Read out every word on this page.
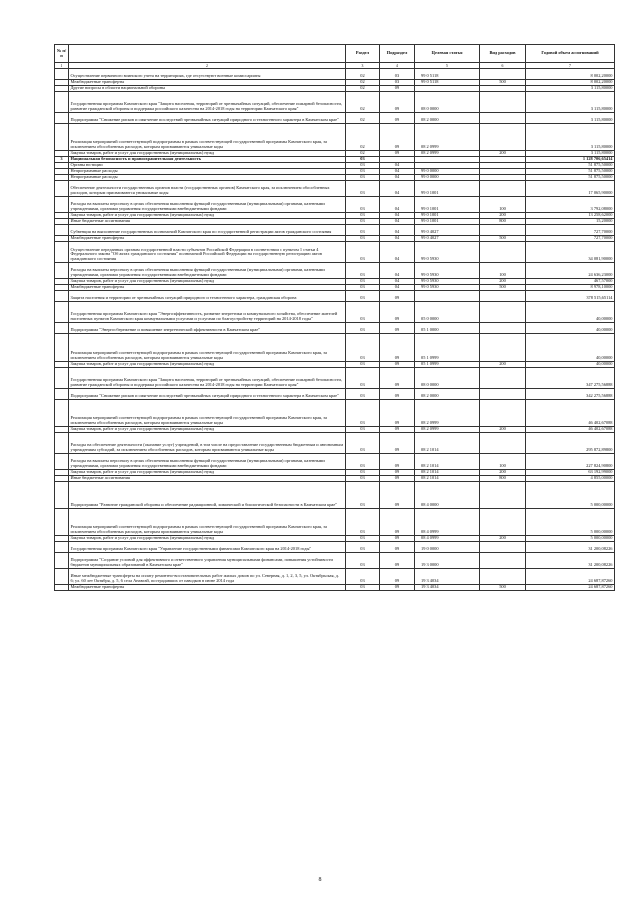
№ п/п		Раздел	Подраздел	Целевая статья	Вид расходов	Годовой объем ассигнований
1	2	3	4	5	6	7
	Осуществление первичного воинского учета на территориях, где отсутствуют военные комиссариаты	02	03	99 0 5118		8 002,20000
	Межбюджетные трансферты	02	03	99 0 5118	500	8 002,20000
	Другие вопросы в области национальной обороны	02	09			3 115,80000
	Государственная программа Камчатского края "Защита населения, территорий от чрезвычайных ситуаций, обеспечение пожарной безопасности, развитие гражданской обороны и поддержка российского казачества на 2014-2018 годы на территории Камчатского края"	02	09	08 0 0000		3 115,80000
	Подпрограмма "Снижение рисков и смягчение последствий чрезвычайных ситуаций природного и техногенного характера в Камчатском крае"	02	09	08 2 0000		3 115,80000
	Реализация мероприятий соответствующей подпрограммы в рамках соответствующей государственной программы Камчатского края, за исключением обособленных расходов, которым присваиваются уникальные коды	02	09	08 2 0999		3 115,80000
	Закупка товаров, работ и услуг для государственных (муниципальных) нужд	02	09	08 2 0999	200	3 115,80000
3	Национальная безопасность и правоохранительная деятельность	03				1 128 706,65414
	Органы юстиции	03	04			51 875,50000
	Непрограммные расходы	03	04	99 0 0000		51 875,50000
	Непрограммные расходы	03	04	99 0 0000		51 875,50000
	Обеспечение деятельности государственных органов власти (государственных органов) Камчатского края, за исключением обособленных расходов, которым присваиваются уникальные коды	03	04	99 0 1001		17 065,90000
	Расходы на выплаты персоналу в целях обеспечения выполнения функций государственными (муниципальными) органами, казенными учреждениями, органами управления государственными внебюджетными фондами	03	04	99 0 1001	100	3 792,08000
	Закупка товаров, работ и услуг для государственных (муниципальных) нужд	03	04	99 0 1001	200	13 258,62000
	Иные бюджетные ассигнования	03	04	99 0 1001	800	15,20000
	Субвенция на выполнение государственных полномочий Камчатского края по государственной регистрации актов гражданского состояния	03	04	99 0 4027		727,70000
	Межбюджетные трансферты	03	04	99 0 4027	500	727,70000
	Осуществление переданных органам государственной власти субъектов Российской Федерации в соответствии с пунктом 1 статьи 4 Федерального закона "Об актах гражданского состояния" полномочий Российской Федерации на государственную регистрацию актов гражданского состояния	03	04	99 0 5930		34 081,90000
	Расходы на выплаты персоналу в целях обеспечения выполнения функций государственными (муниципальными) органами, казенными учреждениями, органами управления государственными внебюджетными фондами	03	04	99 0 5930	100	24 636,23000
	Закупка товаров, работ и услуг для государственных (муниципальных) нужд	03	04	99 0 5930	200	467,57000
	Межбюджетные трансферты	03	04	99 0 5930	500	8 978,10000
	Защита населения и территории от чрезвычайных ситуаций природного и техногенного характера, гражданская оборона	03	09			378 515,65114
	Государственная программа Камчатского края "Энергоэффективность, развитие энергетики и коммунального хозяйства, обеспечение жителей населенных пунктов Камчатского края коммунальными услугами и услугами по благоустройству территорий на 2014-2018 годы"	03	09	05 0 0000		40,00000
	Подпрограмма "Энергосбережение и повышение энергетической эффективности в Камчатском крае"	03	09	05 1 0000		40,00000
	Реализация мероприятий соответствующей подпрограммы в рамках соответствующей государственной программы Камчатского края, за исключением обособленных расходов, которым присваиваются уникальные коды	03	09	05 1 0999		40,00000
	Закупка товаров, работ и услуг для государственных (муниципальных) нужд	03	09	05 1 0999	200	40,00000
	Государственная программа Камчатского края "Защита населения, территорий от чрезвычайных ситуаций, обеспечение пожарной безопасности, развитие гражданской обороны и поддержка российского казачества на 2014-2018 годы на территории Камчатского края"	03	09	08 0 0000		347 275,56888
	Подпрограмма "Снижение рисков и смягчение последствий чрезвычайных ситуаций природного и техногенного характера в Камчатском крае"	03	09	08 2 0000		342 275,56888
	Реализация мероприятий соответствующей подпрограммы в рамках соответствующей государственной программы Камчатского края, за исключением обособленных расходов, которым присваиваются уникальные коды	03	09	08 2 0999		46 402,67088
	Закупка товаров, работ и услуг для государственных (муниципальных) нужд	03	09	08 2 0999	200	46 402,67088
	Расходы на обеспечение деятельности (оказание услуг) учреждений, в том числе на предоставление государственным бюджетным и автономным учреждениям субсидий, за исключением обособленных расходов, которым присваиваются уникальные коды	03	09	08 2 1014		295 872,89800
	Расходы на выплаты персоналу в целях обеспечения выполнения функций государственными (муниципальными) органами, казенными учреждениями, органами управления государственными внебюджетными фондами	03	09	08 2 1014	100	227 824,90800
	Закупка товаров, работ и услуг для государственных (муниципальных) нужд	03	09	08 2 1014	200	63 192,99000
	Иные бюджетные ассигнования	03	09	08 2 1014	800	4 855,00000
	Подпрограмма "Развитие гражданской обороны и обеспечение радиационной, химической и биологической безопасности в Камчатском крае"	03	09	08 4 0000		5 000,00000
	Реализация мероприятий соответствующей подпрограммы в рамках соответствующей государственной программы Камчатского края, за исключением обособленных расходов, которым присваиваются уникальные коды	03	09	08 4 0999		5 000,00000
	Закупка товаров, работ и услуг для государственных (муниципальных) нужд	03	09	08 4 0999	200	5 000,00000
	Государственная программа Камчатского края "Управление государственными финансами Камчатского края на 2014-2018 годы"	03	09	19 0 0000		31 200,08226
	Подпрограмма "Создание условий для эффективного и ответственного управления муниципальными финансами, повышения устойчивости бюджетов муниципальных образований в Камчатском крае"	03	09	19 3 0000		31 200,08226
	Иные межбюджетные трансферты на оплату ремонтно-восстановительных работ жилых домов по ул. Северная, д. 1, 2, 3, 5, ул. Октябрьская, д. 6; ул. 60 лет Октября, д. 5, 6 села Анавгай, пострадавших от паводков в июне 2014 года	03	09	19 3 4034		24 687,87260
	Межбюджетные трансферты	03	09	19 3 4034	500	24 687,87260
8
